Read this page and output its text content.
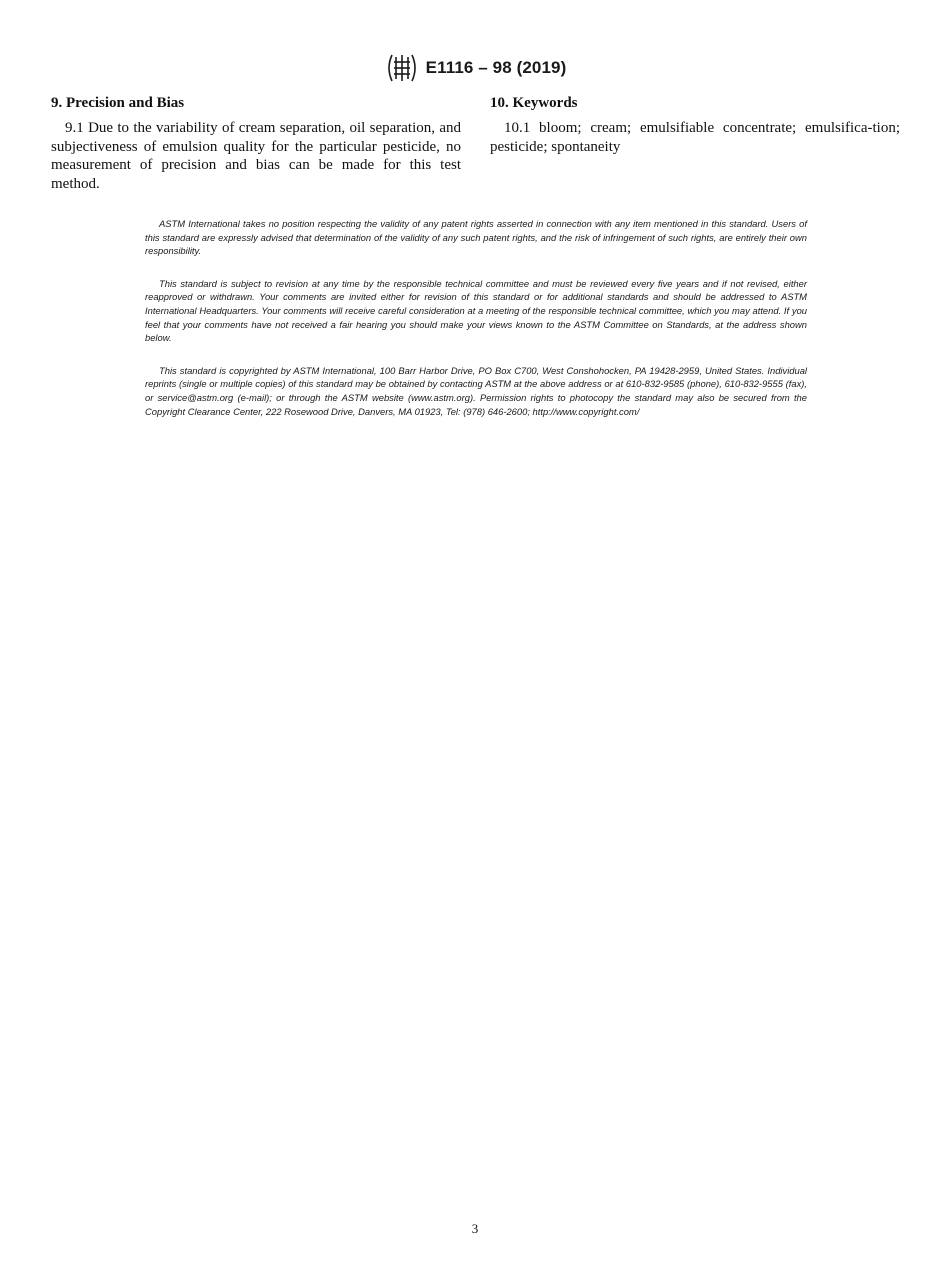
E1116 – 98 (2019)
9. Precision and Bias

9.1 Due to the variability of cream separation, oil separation, and subjectiveness of emulsion quality for the particular pesticide, no measurement of precision and bias can be made for this test method.

10. Keywords

10.1 bloom; cream; emulsifiable concentrate; emulsifica-tion; pesticide; spontaneity

ASTM International takes no position respecting the validity of any patent rights asserted in connection with any item mentioned in this standard. Users of this standard are expressly advised that determination of the validity of any such patent rights, and the risk of infringement of such rights, are entirely their own responsibility.

This standard is subject to revision at any time by the responsible technical committee and must be reviewed every five years and if not revised, either reapproved or withdrawn. Your comments are invited either for revision of this standard or for additional standards and should be addressed to ASTM International Headquarters. Your comments will receive careful consideration at a meeting of the responsible technical committee, which you may attend. If you feel that your comments have not received a fair hearing you should make your views known to the ASTM Committee on Standards, at the address shown below.

This standard is copyrighted by ASTM International, 100 Barr Harbor Drive, PO Box C700, West Conshohocken, PA 19428-2959, United States. Individual reprints (single or multiple copies) of this standard may be obtained by contacting ASTM at the above address or at 610-832-9585 (phone), 610-832-9555 (fax), or service@astm.org (e-mail); or through the ASTM website (www.astm.org). Permission rights to photocopy the standard may also be secured from the Copyright Clearance Center, 222 Rosewood Drive, Danvers, MA 01923, Tel: (978) 646-2600; http://www.copyright.com/

3
